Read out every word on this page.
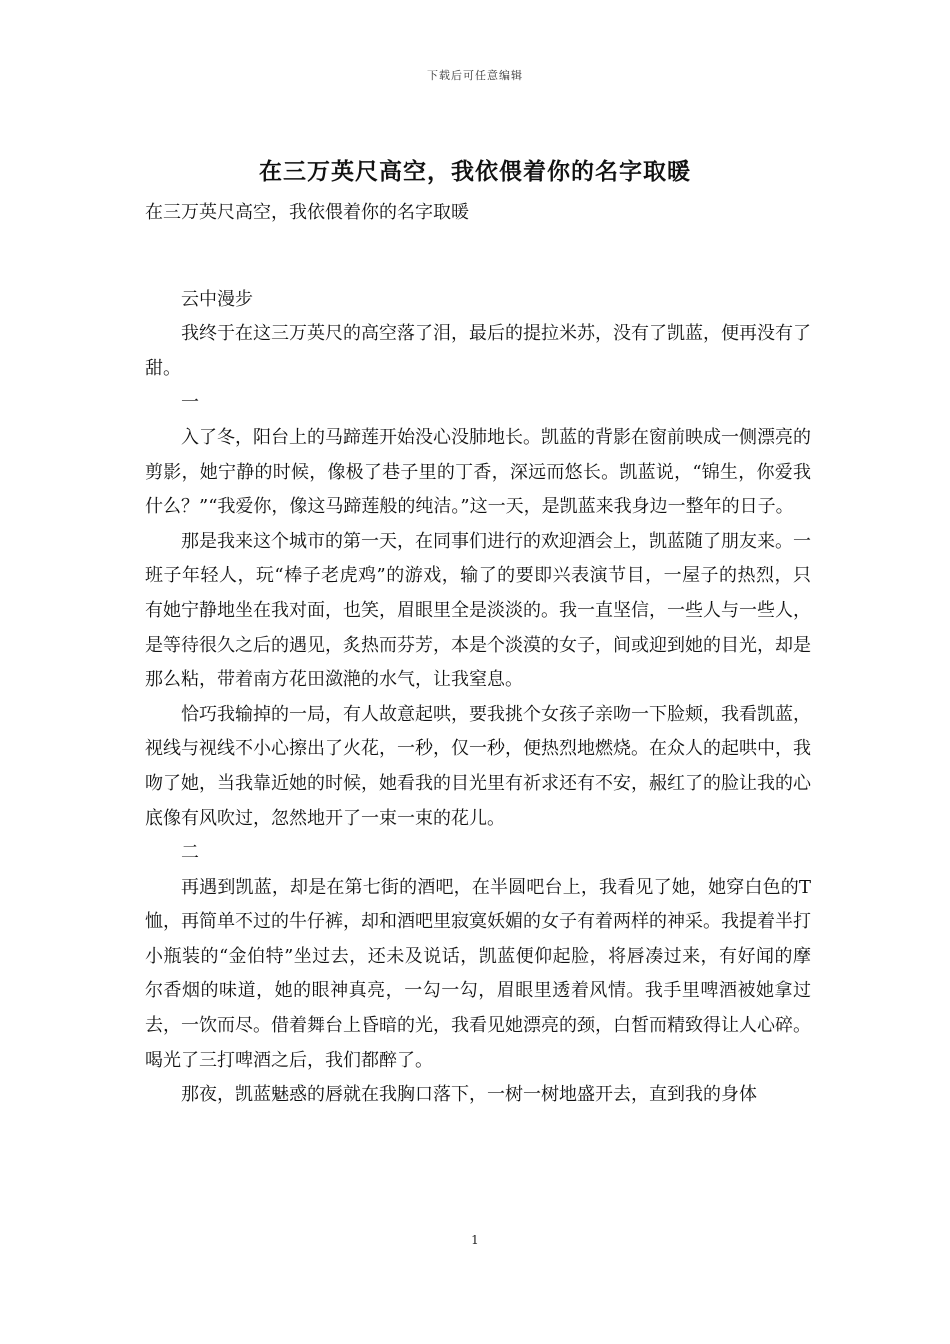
下载后可任意编辑
在三万英尺高空，我依偎着你的名字取暖

在三万英尺高空，我依偎着你的名字取暖

云中漫步

我终于在这三万英尺的高空落了泪，最后的提拉米苏，没有了凯蓝，便再没有了甜。

一

入了冬，阳台上的马蹄莲开始没心没肺地长。凯蓝的背影在窗前映成一侧漂亮的剪影，她宁静的时候，像极了巷子里的丁香，深远而悠长。凯蓝说，“锦生，你爱我什么？”“我爱你，像这马蹄莲般的纯洁。”这一天，是凯蓝来我身边一整年的日子。

那是我来这个城市的第一天，在同事们进行的欢迎酒会上，凯蓝随了朋友来。一班子年轻人，玩“棒子老虎鸡”的游戏，输了的要即兴表演节目，一屋子的热烈，只有她宁静地坐在我对面，也笑，眉眼里全是淡淡的。我一直坚信，一些人与一些人，是等待很久之后的遇见，炙热而芬芳，本是个淡漠的女子，间或迎到她的目光，却是那么粘，带着南方花田潋滟的水气，让我窒息。

恰巧我输掉的一局，有人故意起哄，要我挑个女孩子亲吻一下脸颊，我看凯蓝，视线与视线不小心擦出了火花，一秒，仅一秒，便热烈地燃烧。在众人的起哄中，我吻了她，当我靠近她的时候，她看我的目光里有祈求还有不安，赧红了的脸让我的心底像有风吹过，忽然地开了一束一束的花儿。

二

再遇到凯蓝，却是在第七街的酒吧，在半圆吧台上，我看见了她，她穿白色的T恤，再简单不过的牛仔裤，却和酒吧里寂寞妖媚的女子有着两样的神采。我提着半打小瓶装的“金伯特”坐过去，还未及说话，凯蓝便仰起脸，将唇凑过来，有好闻的摩尔香烟的味道，她的眼神真亮，一勾一勾，眉眼里透着风情。我手里啤酒被她拿过去，一饮而尽。借着舞台上昏暗的光，我看见她漂亮的颈，白皙而精致得让人心碎。喝光了三打啤酒之后，我们都醉了。

那夜，凯蓝魅惑的唇就在我胸口落下，一树一树地盛开去，直到我的身体

1
